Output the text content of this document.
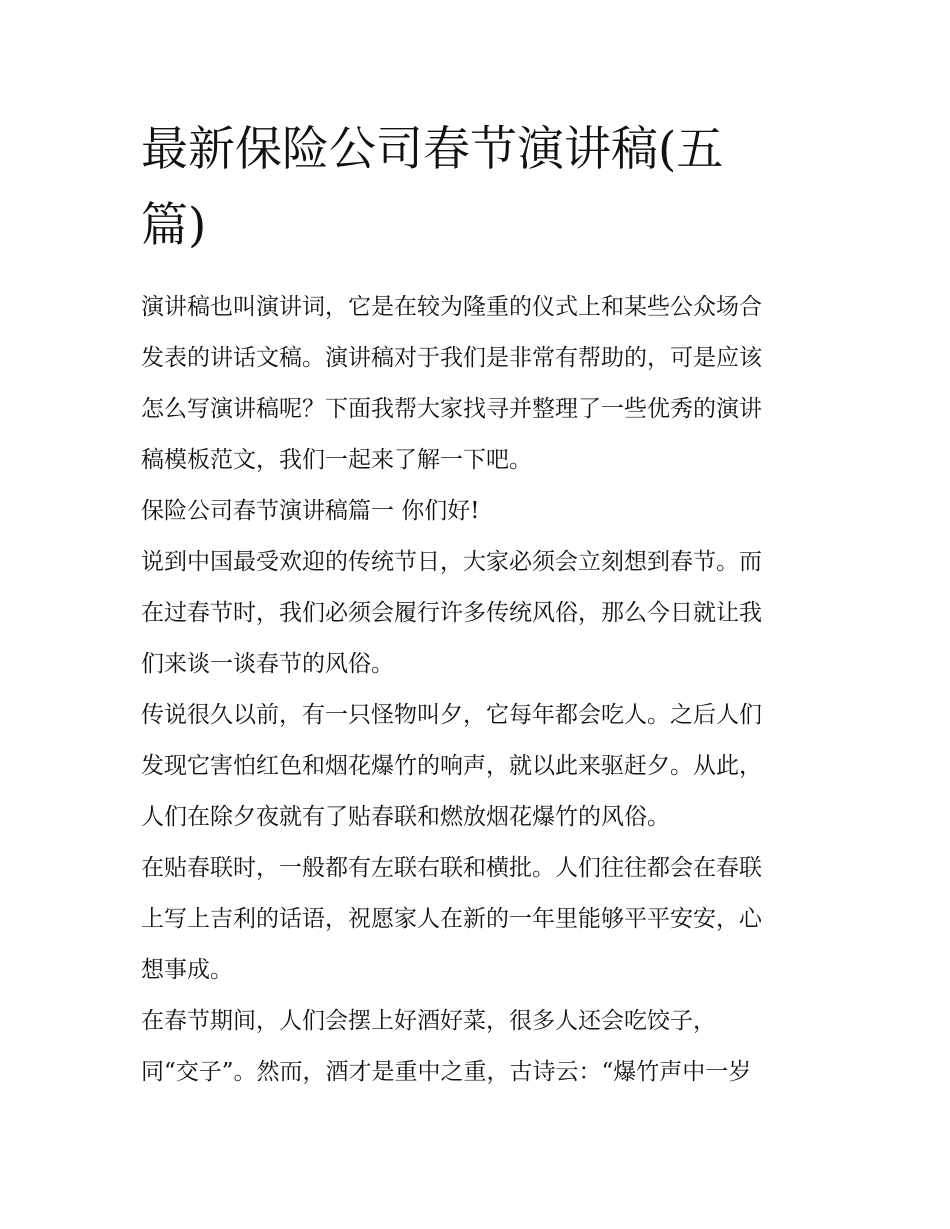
最新保险公司春节演讲稿(五
篇)

演讲稿也叫演讲词，它是在较为隆重的仪式上和某些公众场合
发表的讲话文稿。演讲稿对于我们是非常有帮助的，可是应该
怎么写演讲稿呢？下面我帮大家找寻并整理了一些优秀的演讲
稿模板范文，我们一起来了解一下吧。

保险公司春节演讲稿篇一 你们好!

说到中国最受欢迎的传统节日，大家必须会立刻想到春节。而
在过春节时，我们必须会履行许多传统风俗，那么今日就让我
们来谈一谈春节的风俗。

传说很久以前，有一只怪物叫夕，它每年都会吃人。之后人们
发现它害怕红色和烟花爆竹的响声，就以此来驱赶夕。从此，
人们在除夕夜就有了贴春联和燃放烟花爆竹的风俗。

在贴春联时，一般都有左联右联和横批。人们往往都会在春联
上写上吉利的话语，祝愿家人在新的一年里能够平平安安，心
想事成。

在春节期间，人们会摆上好酒好菜，很多人还会吃饺子，
同“交子”。然而，酒才是重中之重，古诗云：“爆竹声中一岁
